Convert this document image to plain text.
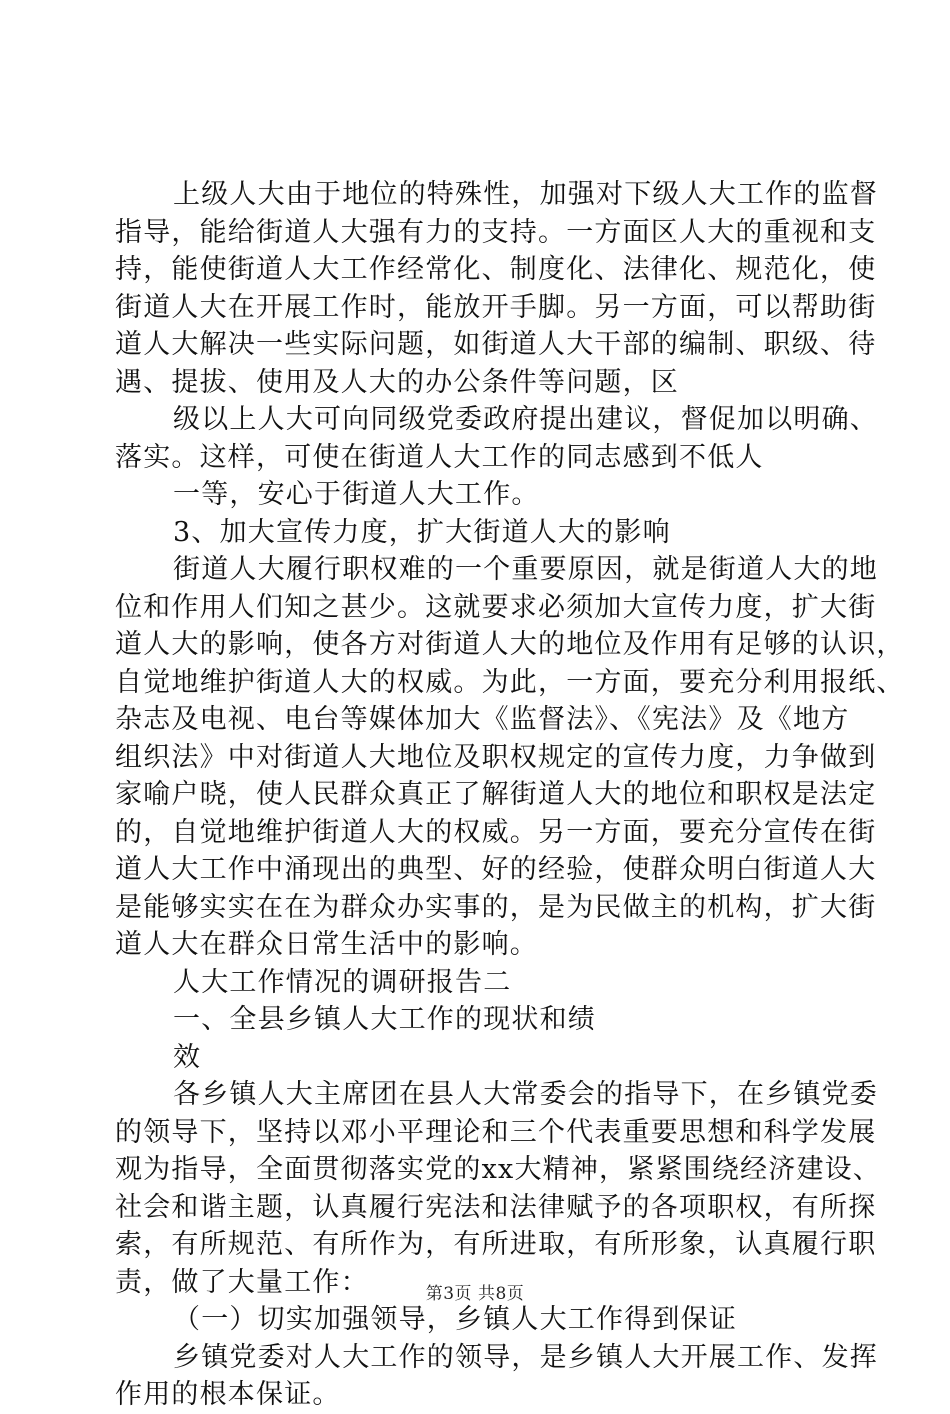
上级人大由于地位的特殊性，加强对下级人大工作的监督
指导，能给街道人大强有力的支持。一方面区人大的重视和支
持，能使街道人大工作经常化、制度化、法律化、规范化，使
街道人大在开展工作时，能放开手脚。另一方面，可以帮助街
道人大解决一些实际问题，如街道人大干部的编制、职级、待
遇、提拔、使用及人大的办公条件等问题，区
级以上人大可向同级党委政府提出建议，督促加以明确、
落实。这样，可使在街道人大工作的同志感到不低人
一等，安心于街道人大工作。
3、加大宣传力度，扩大街道人大的影响
街道人大履行职权难的一个重要原因，就是街道人大的地
位和作用人们知之甚少。这就要求必须加大宣传力度，扩大街
道人大的影响，使各方对街道人大的地位及作用有足够的认识，
自觉地维护街道人大的权威。为此，一方面，要充分利用报纸、
杂志及电视、电台等媒体加大《监督法》、《宪法》及《地方
组织法》中对街道人大地位及职权规定的宣传力度，力争做到
家喻户晓，使人民群众真正了解街道人大的地位和职权是法定
的，自觉地维护街道人大的权威。另一方面，要充分宣传在街
道人大工作中涌现出的典型、好的经验，使群众明白街道人大
是能够实实在在为群众办实事的，是为民做主的机构，扩大街
道人大在群众日常生活中的影响。
人大工作情况的调研报告二
一、全县乡镇人大工作的现状和绩
效
各乡镇人大主席团在县人大常委会的指导下，在乡镇党委
的领导下，坚持以邓小平理论和三个代表重要思想和科学发展
观为指导，全面贯彻落实党的xx大精神，紧紧围绕经济建设、
社会和谐主题，认真履行宪法和法律赋予的各项职权，有所探
索，有所规范、有所作为，有所进取，有所形象，认真履行职
责，做了大量工作：
（一）切实加强领导，乡镇人大工作得到保证
乡镇党委对人大工作的领导，是乡镇人大开展工作、发挥
作用的根本保证。
第3页 共8页
